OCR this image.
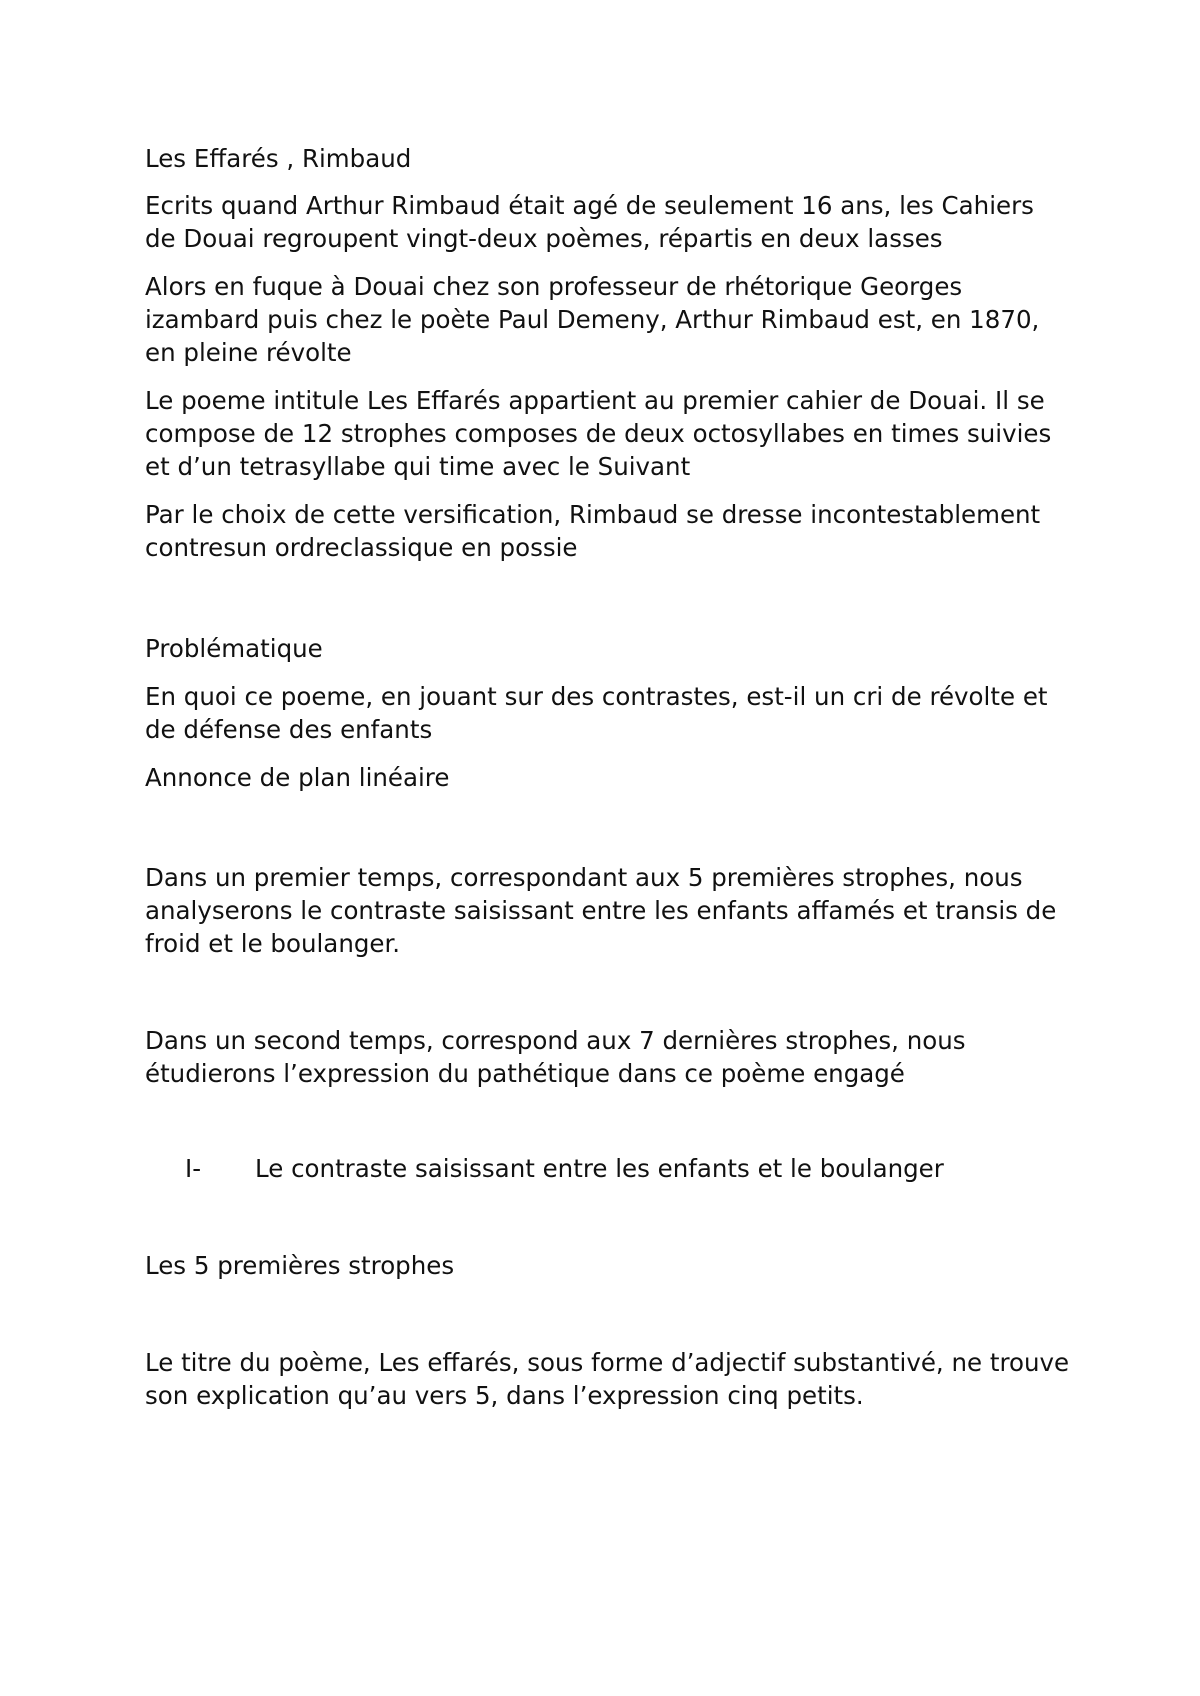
Les Effarés , Rimbaud

Ecrits quand Arthur Rimbaud était agé de seulement 16 ans, les Cahiers
de Douai regroupent vingt-deux poèmes, répartis en deux lasses

Alors en fuque à Douai chez son professeur de rhétorique Georges
izambard puis chez le poète Paul Demeny, Arthur Rimbaud est, en 1870,
en pleine révolte

Le poeme intitule Les Effarés appartient au premier cahier de Douai. Il se
compose de 12 strophes composes de deux octosyllabes en times suivies
et d’un tetrasyllabe qui time avec le Suivant

Par le choix de cette versification, Rimbaud se dresse incontestablement
contresun ordreclassique en possie

Problématique

En quoi ce poeme, en jouant sur des contrastes, est-il un cri de révolte et
de défense des enfants

Annonce de plan linéaire

Dans un premier temps, correspondant aux 5 premières strophes, nous
analyserons le contraste saisissant entre les enfants affamés et transis de
froid et le boulanger.

Dans un second temps, correspond aux 7 dernières strophes, nous
étudierons l’expression du pathétique dans ce poème engagé

I- Le contraste saisissant entre les enfants et le boulanger

Les 5 premières strophes

Le titre du poème, Les effarés, sous forme d’adjectif substantivé, ne trouve
son explication qu’au vers 5, dans l’expression cinq petits.
